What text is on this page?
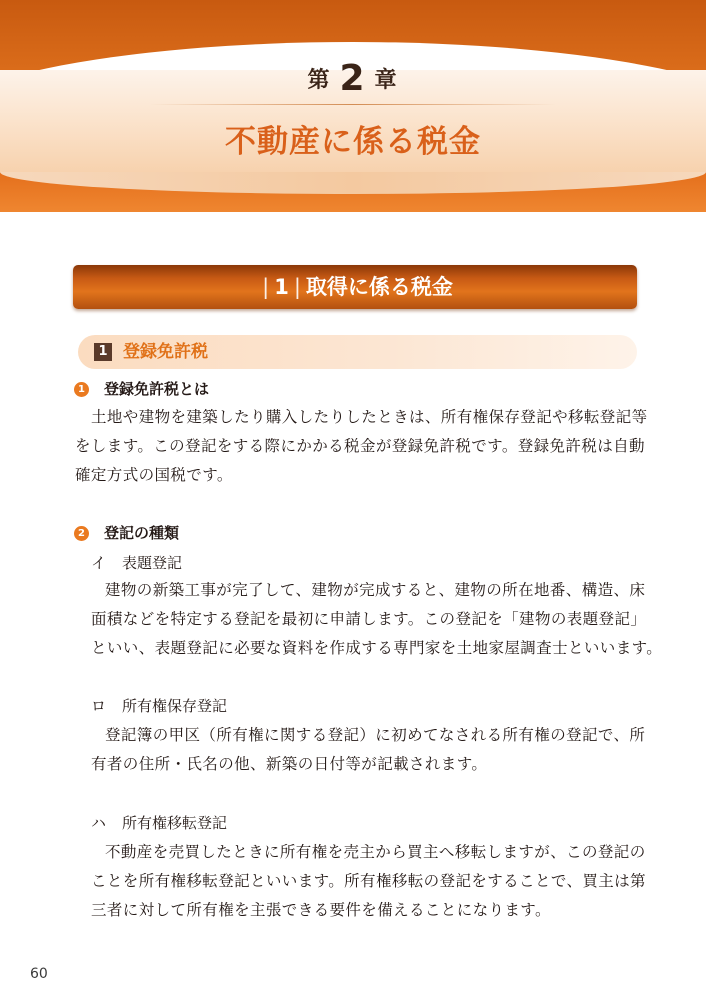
第 2 章
不動産に係る税金
| 1 | 取得に係る税金
1 登録免許税
1 登録免許税とは
土地や建物を建築したり購入したりしたときは、所有権保存登記や移転登記等
をします。この登記をする際にかかる税金が登録免許税です。登録免許税は自動
確定方式の国税です。
2 登記の種類
イ 表題登記
建物の新築工事が完了して、建物が完成すると、建物の所在地番、構造、床
面積などを特定する登記を最初に申請します。この登記を「建物の表題登記」
といい、表題登記に必要な資料を作成する専門家を土地家屋調査士といいます。
ロ 所有権保存登記
登記簿の甲区（所有権に関する登記）に初めてなされる所有権の登記で、所
有者の住所・氏名の他、新築の日付等が記載されます。
ハ 所有権移転登記
不動産を売買したときに所有権を売主から買主へ移転しますが、この登記の
ことを所有権移転登記といいます。所有権移転の登記をすることで、買主は第
三者に対して所有権を主張できる要件を備えることになります。
60
